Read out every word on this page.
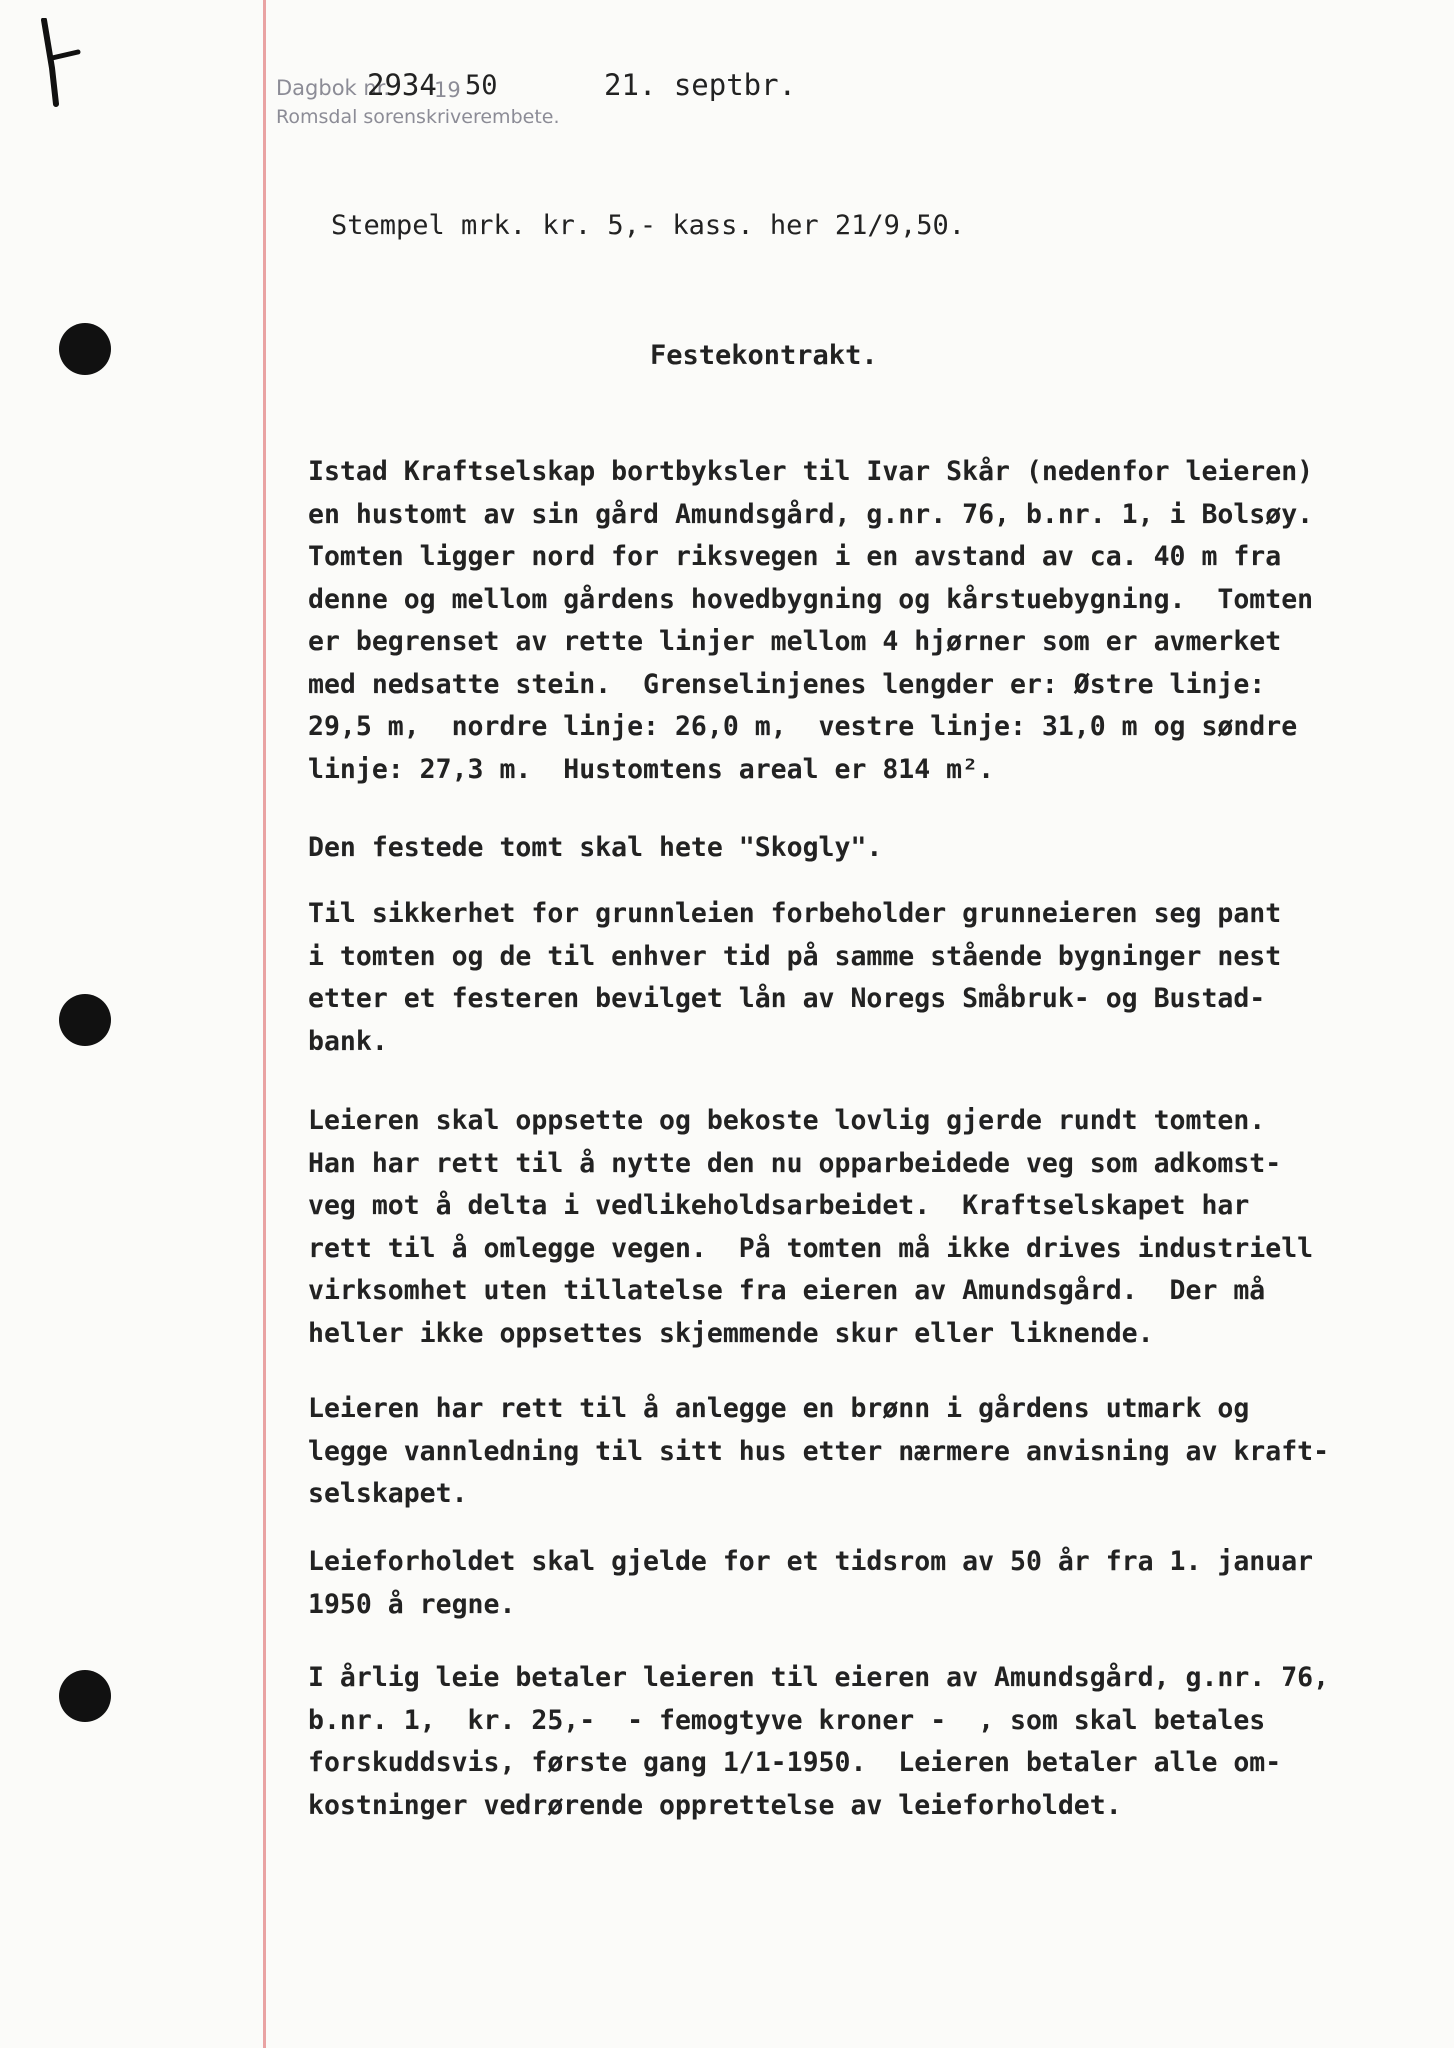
Dagbok nr.
2934
19 50	21. septbr.
Romsdal sorenskriverembete.
Stempel mrk. kr. 5,- kass. her 21/9,50.
Festekontrakt.
Istad Kraftselskap bortbyksler til Ivar Skår (nedenfor leieren)
en hustomt av sin gård Amundsgård, g.nr. 76, b.nr. 1, i Bolsøy.
Tomten ligger nord for riksvegen i en avstand av ca. 40 m fra
denne og mellom gårdens hovedbygning og kårstuebygning.  Tomten
er begrenset av rette linjer mellom 4 hjørner som er avmerket
med nedsatte stein.  Grenselinjenes lengder er: Østre linje:
29,5 m,  nordre linje: 26,0 m,  vestre linje: 31,0 m og søndre
linje: 27,3 m.  Hustomtens areal er 814 m².
Den festede tomt skal hete "Skogly".
Til sikkerhet for grunnleien forbeholder grunneieren seg pant
i tomten og de til enhver tid på samme stående bygninger nest
etter et festeren bevilget lån av Noregs Småbruk- og Bustad-
bank.
Leieren skal oppsette og bekoste lovlig gjerde rundt tomten.
Han har rett til å nytte den nu opparbeidede veg som adkomst-
veg mot å delta i vedlikeholdsarbeidet.  Kraftselskapet har
rett til å omlegge vegen.  På tomten må ikke drives industriell
virksomhet uten tillatelse fra eieren av Amundsgård.  Der må
heller ikke oppsettes skjemmende skur eller liknende.
Leieren har rett til å anlegge en brønn i gårdens utmark og
legge vannledning til sitt hus etter nærmere anvisning av kraft-
selskapet.
Leieforholdet skal gjelde for et tidsrom av 50 år fra 1. januar
1950 å regne.
I årlig leie betaler leieren til eieren av Amundsgård, g.nr. 76,
b.nr. 1,  kr. 25,-  - femogtyve kroner -  , som skal betales
forskuddsvis, første gang 1/1-1950.  Leieren betaler alle om-
kostninger vedrørende opprettelse av leieforholdet.
